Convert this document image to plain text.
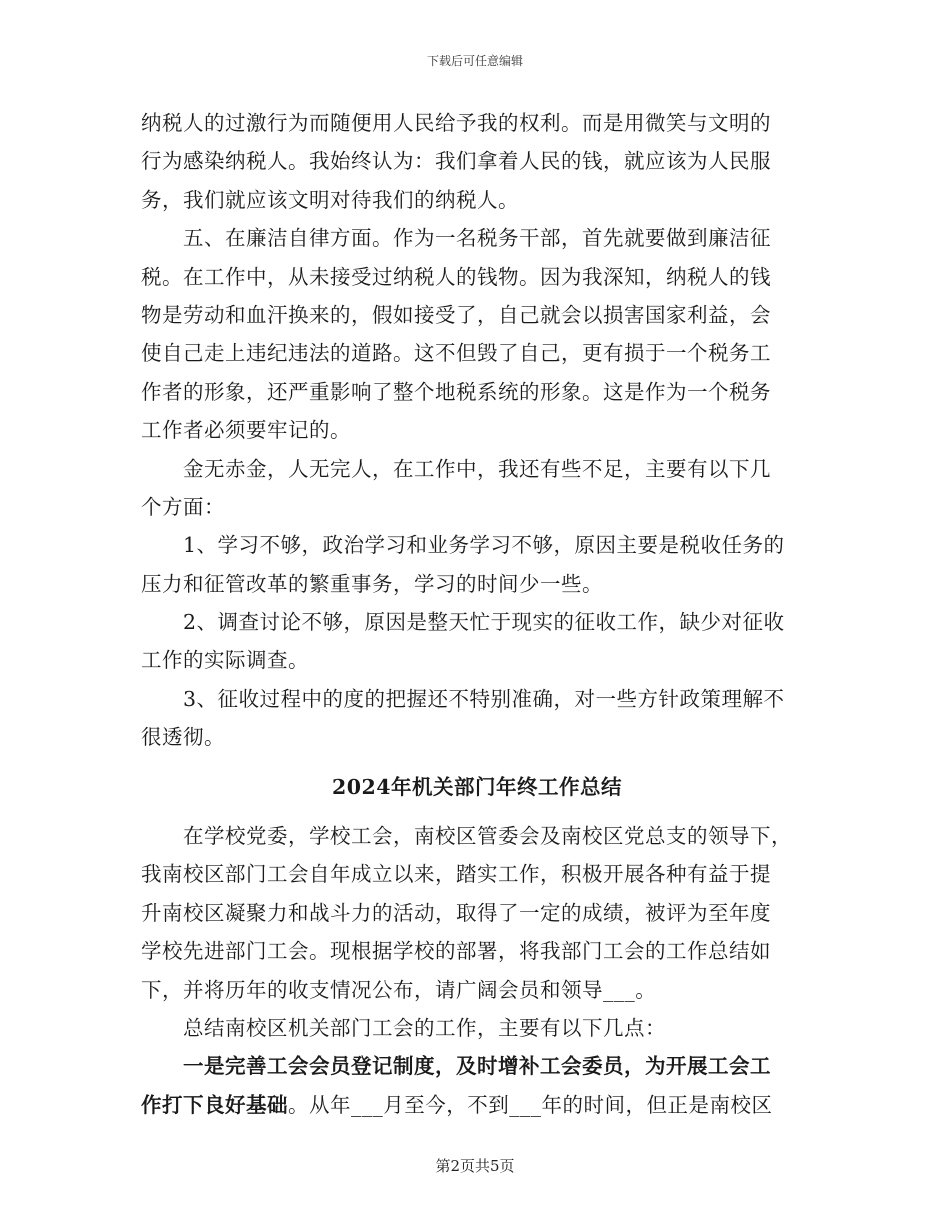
下载后可任意编辑
纳税人的过激行为而随便用人民给予我的权利。而是用微笑与文明的
行为感染纳税人。我始终认为：我们拿着人民的钱，就应该为人民服
务，我们就应该文明对待我们的纳税人。
五、在廉洁自律方面。作为一名税务干部，首先就要做到廉洁征
税。在工作中，从未接受过纳税人的钱物。因为我深知，纳税人的钱
物是劳动和血汗换来的，假如接受了，自己就会以损害国家利益，会
使自己走上违纪违法的道路。这不但毁了自己，更有损于一个税务工
作者的形象，还严重影响了整个地税系统的形象。这是作为一个税务
工作者必须要牢记的。
金无赤金，人无完人，在工作中，我还有些不足，主要有以下几
个方面：
1、学习不够，政治学习和业务学习不够，原因主要是税收任务的
压力和征管改革的繁重事务，学习的时间少一些。
2、调查讨论不够，原因是整天忙于现实的征收工作，缺少对征收
工作的实际调查。
3、征收过程中的度的把握还不特别准确，对一些方针政策理解不
很透彻。
2024年机关部门年终工作总结
在学校党委，学校工会，南校区管委会及南校区党总支的领导下，
我南校区部门工会自年成立以来，踏实工作，积极开展各种有益于提
升南校区凝聚力和战斗力的活动，取得了一定的成绩，被评为至年度
学校先进部门工会。现根据学校的部署，将我部门工会的工作总结如
下，并将历年的收支情况公布，请广阔会员和领导___。
总结南校区机关部门工会的工作，主要有以下几点：
一是完善工会会员登记制度，及时增补工会委员，为开展工会工
作打下良好基础。从年___月至今，不到___年的时间，但正是南校区
第2页共5页
